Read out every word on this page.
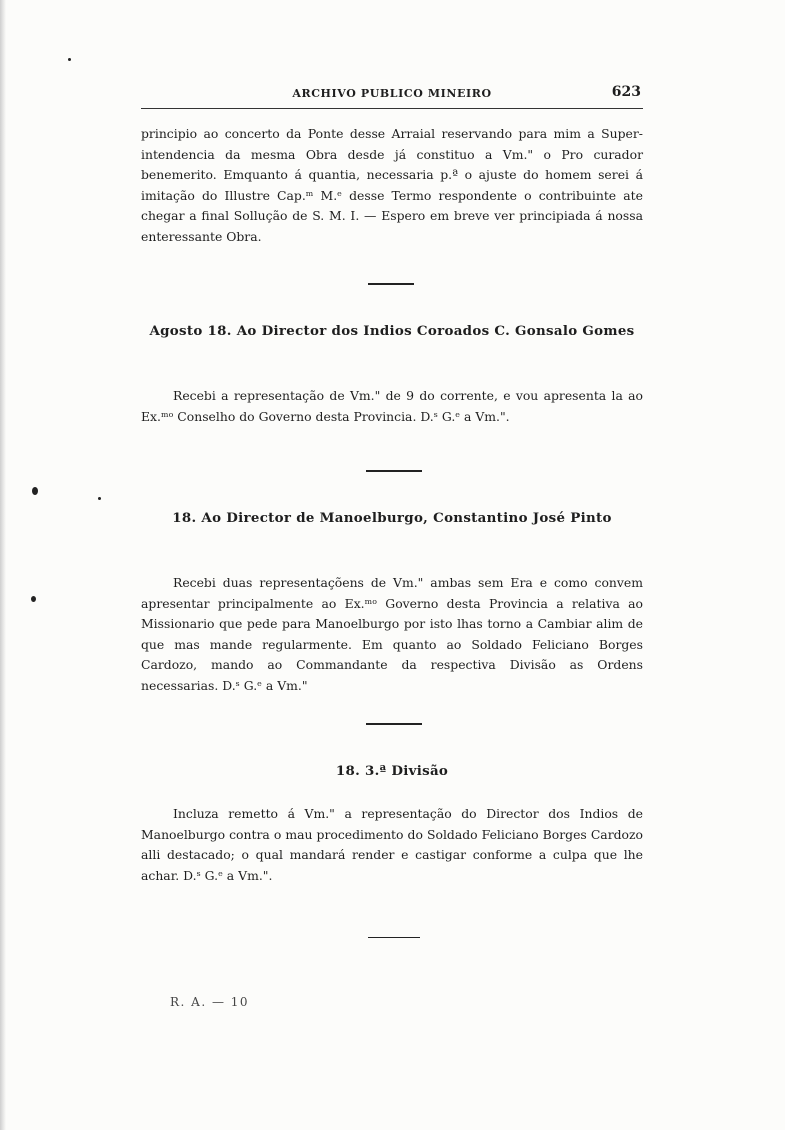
ARCHIVO PUBLICO MINEIRO	623

principio ao concerto da Ponte desse Arraial reservando para mim a Super-intendencia da mesma Obra desde já constituo a Vm." o Pro curador benemerito. Emquanto á quantia, necessaria p.ª o ajuste do homem serei á imitação do Illustre Cap.ᵐ M.ᵉ desse Termo respondente o contribuinte ate chegar a final Sollução de S. M. I. — Espero em breve ver principiada á nossa enteressante Obra.

Agosto 18. Ao Director dos Indios Coroados C. Gonsalo Gomes

Recebi a representação de Vm." de 9 do corrente, e vou apresenta la ao Ex.ᵐᵒ Conselho do Governo desta Provincia. D.ˢ G.ᵉ a Vm.".

18. Ao Director de Manoelburgo, Constantino José Pinto

Recebi duas representaçõens de Vm." ambas sem Era e como convem apresentar principalmente ao Ex.ᵐᵒ Governo desta Provincia a relativa ao Missionario que pede para Manoelburgo por isto lhas torno a Cambiar alim de que mas mande regularmente. Em quanto ao Soldado Feliciano Borges Cardozo, mando ao Commandante da respectiva Divisão as Ordens necessarias. D.ˢ G.ᵉ a Vm."

18. 3.ª Divisão

Incluza remetto á Vm." a representação do Director dos Indios de Manoelburgo contra o mau procedimento do Soldado Feliciano Borges Cardozo alli destacado; o qual mandará render e castigar conforme a culpa que lhe achar. D.ˢ G.ᵉ a Vm.".

R. A. — 10
